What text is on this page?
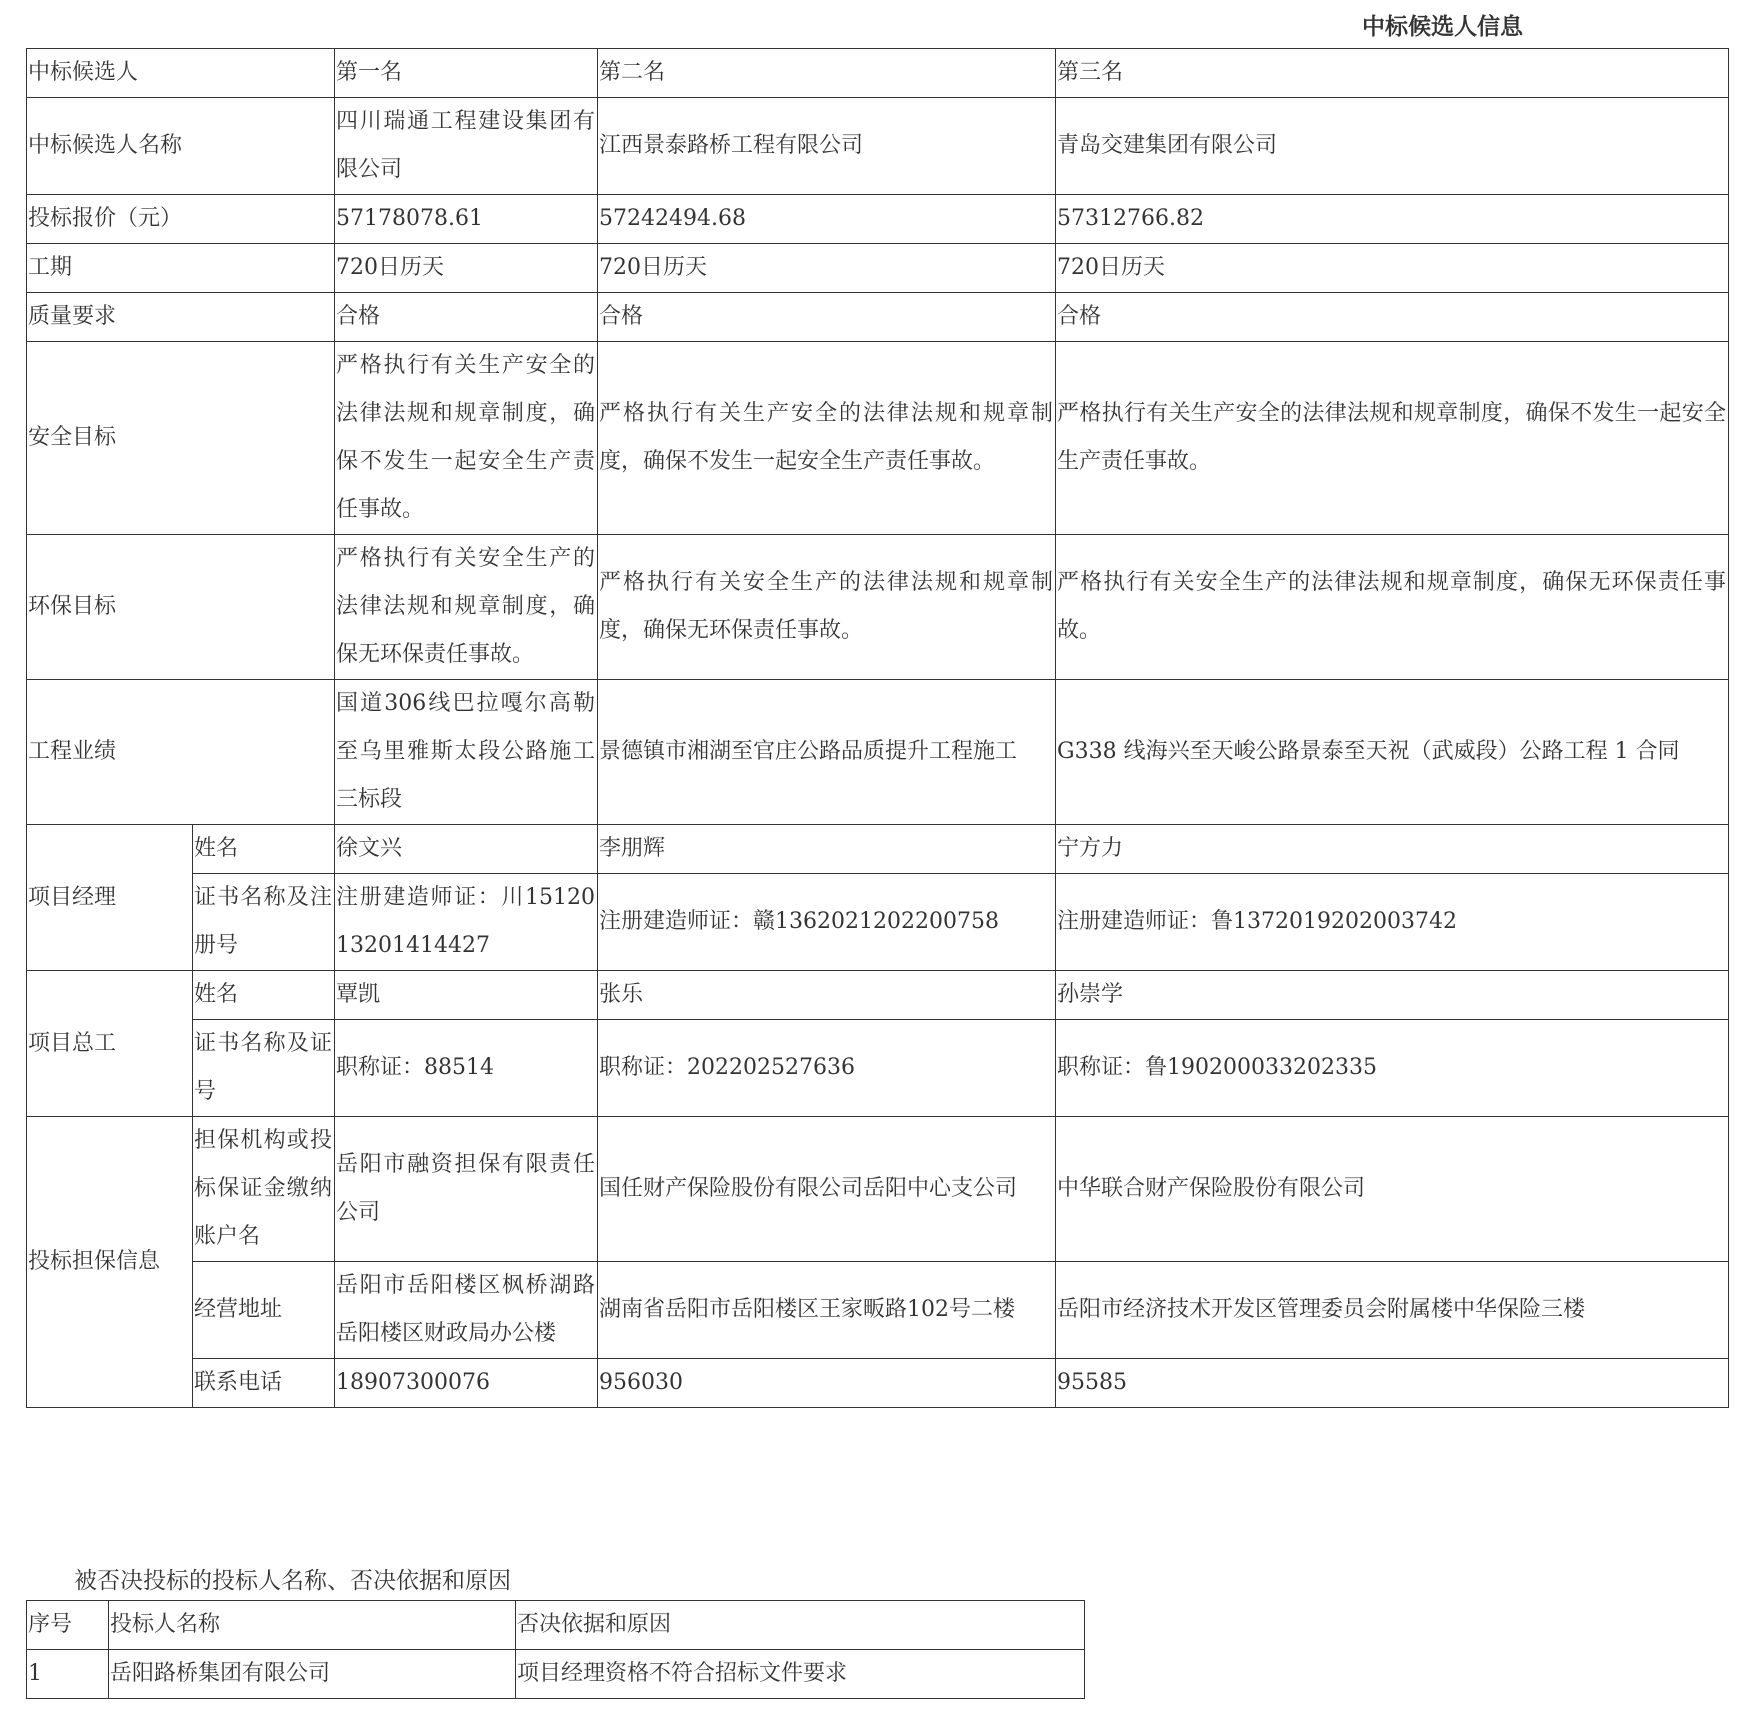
中标候选人信息
中标候选人		第一名	第二名	第三名
中标候选人名称		四川瑞通工程建设集团有限公司	江西景泰路桥工程有限公司	青岛交建集团有限公司
投标报价（元）		57178078.61	57242494.68	57312766.82
工期		720日历天	720日历天	720日历天
质量要求		合格	合格	合格
安全目标		严格执行有关生产安全的法律法规和规章制度，确保不发生一起安全生产责任事故。	严格执行有关生产安全的法律法规和规章制度，确保不发生一起安全生产责任事故。	严格执行有关生产安全的法律法规和规章制度，确保不发生一起安全生产责任事故。
环保目标		严格执行有关安全生产的法律法规和规章制度，确保无环保责任事故。	严格执行有关安全生产的法律法规和规章制度，确保无环保责任事故。	严格执行有关安全生产的法律法规和规章制度，确保无环保责任事故。
工程业绩		国道306线巴拉嘎尔高勒至乌里雅斯太段公路施工三标段	景德镇市湘湖至官庄公路品质提升工程施工	G338 线海兴至天峻公路景泰至天祝（武威段）公路工程 1 合同
项目经理	姓名	徐文兴	李朋辉	宁方力
	证书名称及注册号	注册建造师证：川1512013201414427	注册建造师证：赣1362021202200758	注册建造师证：鲁1372019202003742
项目总工	姓名	覃凯	张乐	孙崇学
	证书名称及证号	职称证：88514	职称证：202202527636	职称证：鲁190200033202335
投标担保信息	担保机构或投标保证金缴纳账户名	岳阳市融资担保有限责任公司	国任财产保险股份有限公司岳阳中心支公司	中华联合财产保险股份有限公司
	经营地址	岳阳市岳阳楼区枫桥湖路岳阳楼区财政局办公楼	湖南省岳阳市岳阳楼区王家畈路102号二楼	岳阳市经济技术开发区管理委员会附属楼中华保险三楼
	联系电话	18907300076	956030	95585
被否决投标的投标人名称、否决依据和原因
序号	投标人名称	否决依据和原因
1	岳阳路桥集团有限公司	项目经理资格不符合招标文件要求
